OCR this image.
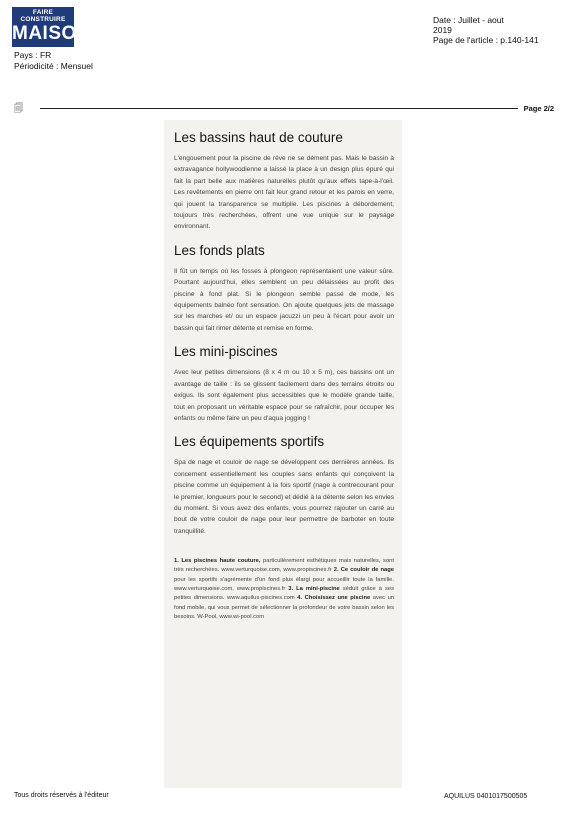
FAIRE CONSTRUIRE
MAISON
Pays : FR
Périodicité : Mensuel
Date : Juillet - aout
2019
Page de l'article : p.140-141
🗐	Page 2/2
Les bassins haut de couture

L'engouement pour la piscine de rêve ne se dément pas. Mais le bassin à extravagance hollywoodienne a laissé la place à un design plus épuré qui fait la part belle aux matières naturelles plutôt qu'aux effets tape-à-l'œil. Les revêtements en pierre ont fait leur grand retour et les parois en verre, qui jouent la transparence se multiplie. Les piscines à débordement, toujours très recherchées, offrent une vue unique sur le paysage environnant.

Les fonds plats

Il fût un temps où les fosses à plongeon représentaient une valeur sûre. Pourtant aujourd'hui, elles semblent un peu délaissées au profit des piscine à fond plat. Si le plongeon semble passé de mode, les équipements balnéo font sensation. On ajoute quelques jets de massage sur les marches et/ ou un espace jacuzzi un peu à l'écart pour avoir un bassin qui fait rimer détente et remise en forme.

Les mini-piscines

Avec leur petites dimensions (8 x 4 m ou 10 x 5 m), ces bassins ont un avantage de taille : ils se glissent facilement dans des terrains étroits ou exigus. Ils sont également plus accessibles que le modèle grande taille, tout en proposant un véritable espace pour se rafraîchir, pour occuper les enfants ou même faire un peu d'aqua jogging !

Les équipements sportifs

Spa de nage et couloir de nage se développent ces dernières années. Ils concernent essentiellement les couples sans enfants qui conçoivent la piscine comme un équipement à la fois sportif (nage à contrecourant pour le premier, longueurs pour le second) et dédié à la détente selon les envies du moment. Si vous avez des enfants, vous pourrez rajouter un carré au bout de votre couloir de nage pour leur permettre de barboter en toute tranquillité.

1. Les piscines haute couture, particulièrement esthétiques mais naturelles, sont très recherchées. www.verturquoise.com, www.propiscines.fr 2. Ce couloir de nage pour les sportifs s'agrémente d'un fond plus élargi pour accueillir toute la famille. www.verturquoise.com, www.propiscines.fr 3. La mini-piscine séduit grâce à ses petites dimensions. www.aquilus-piscines.com 4. Choisissez une piscine avec un fond mobile, qui vous permet de sélectionner la profondeur de votre bassin selon les besoins. W-Pool, www.wi-pool.com
Tous droits réservés à l'éditeur	AQUILUS 0401017500505
